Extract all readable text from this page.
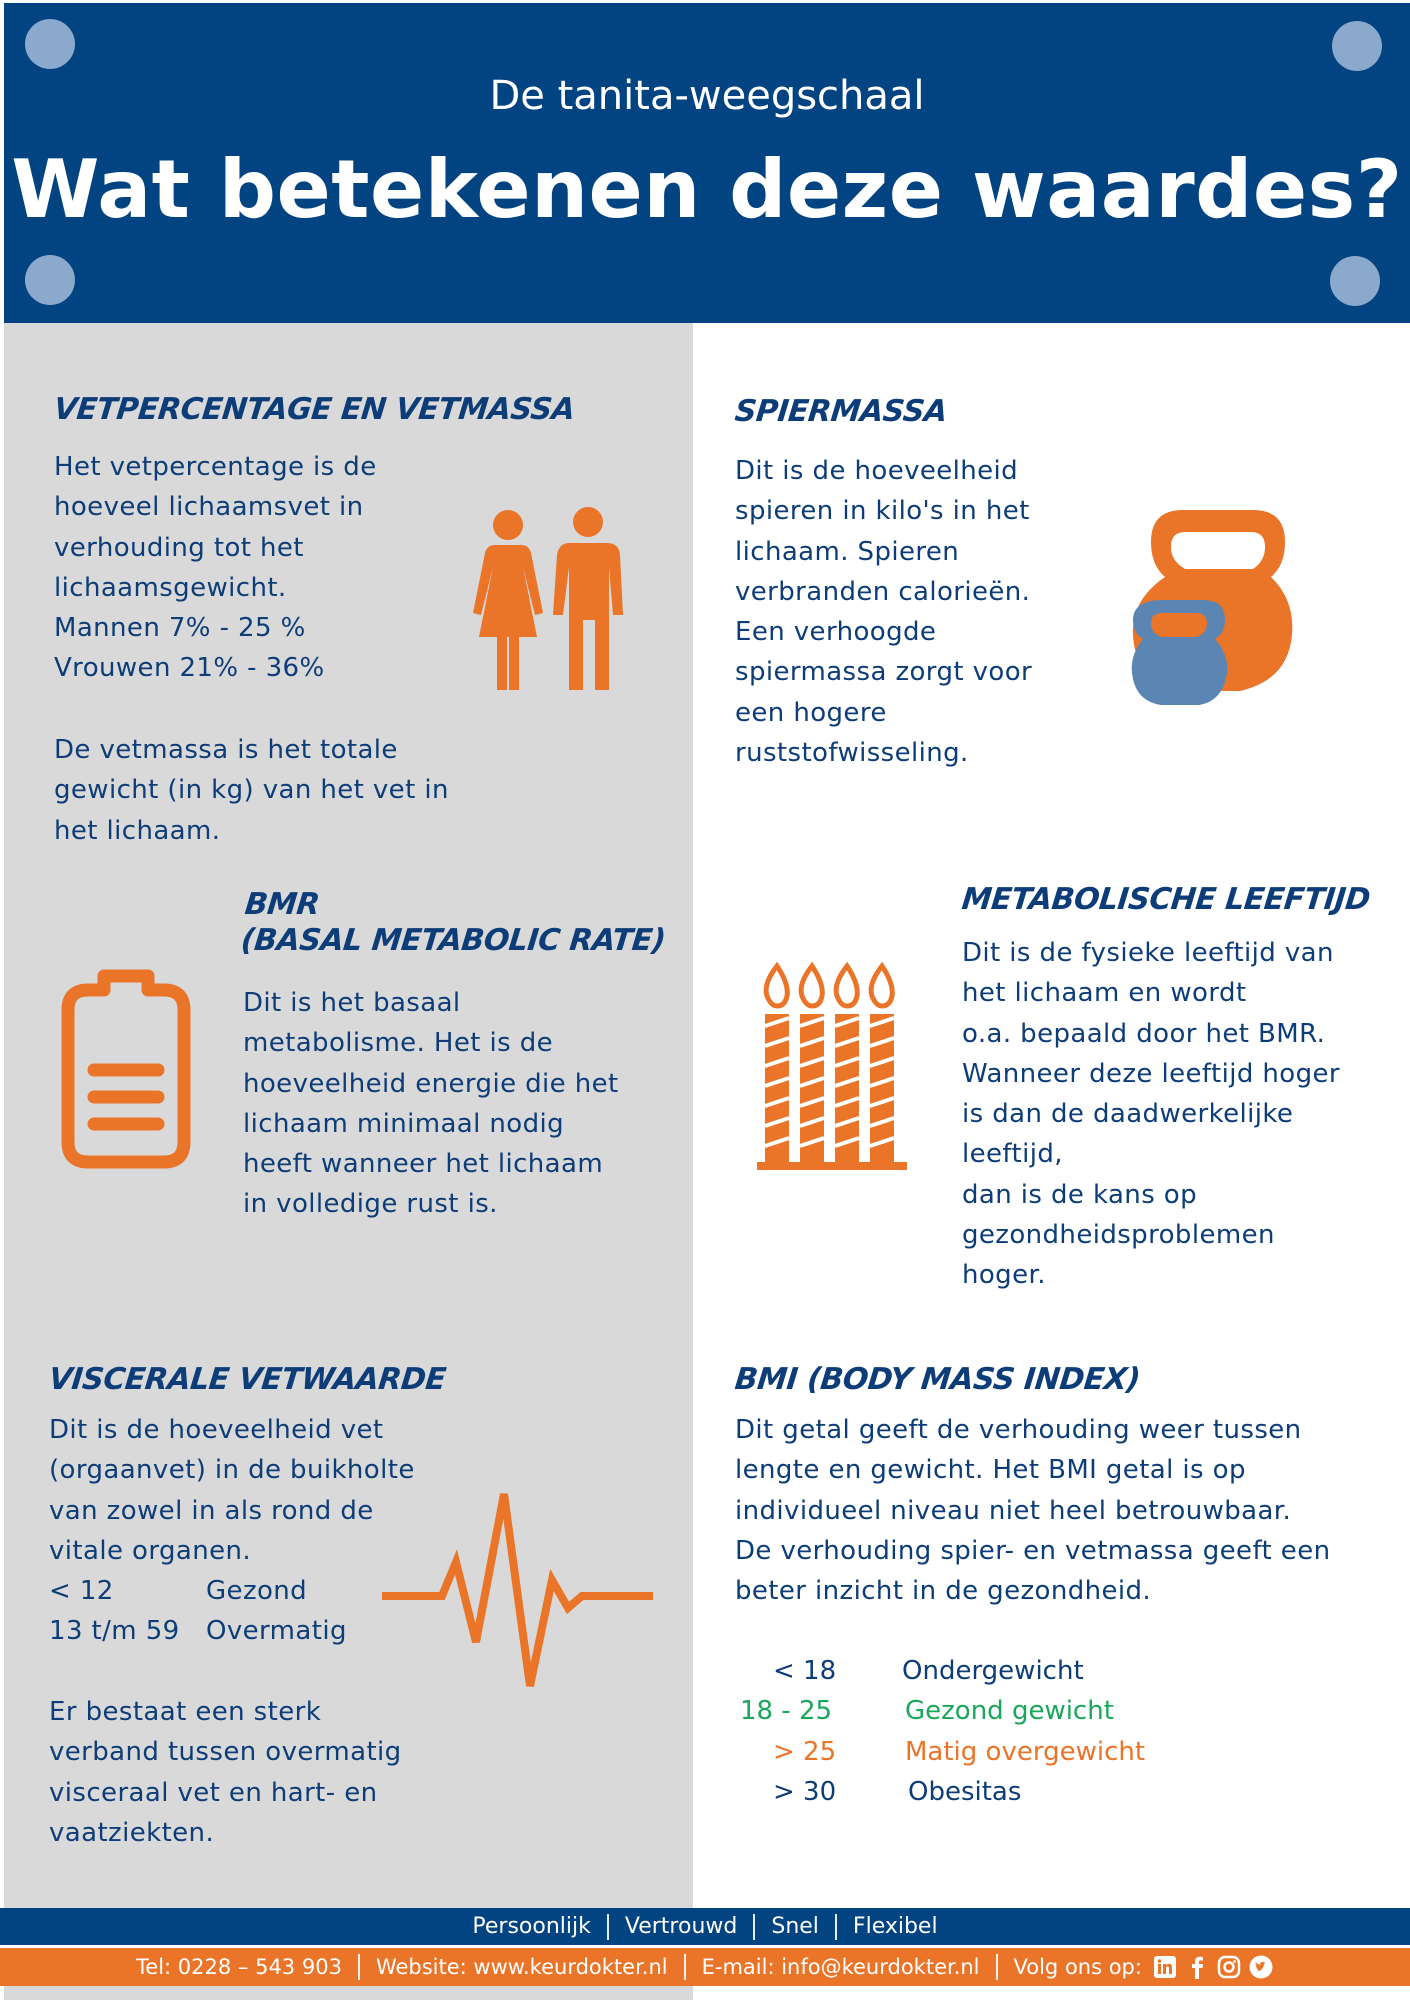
De tanita-weegschaal
Wat betekenen deze waardes?
VETPERCENTAGE EN VETMASSA
Het vetpercentage is de
hoeveel lichaamsvet in
verhouding tot het
lichaamsgewicht.
Mannen 7% - 25 %
Vrouwen 21% - 36%
De vetmassa is het totale
gewicht (in kg) van het vet in
het lichaam.
SPIERMASSA
Dit is de hoeveelheid
spieren in kilo's in het
lichaam. Spieren
verbranden calorieën.
Een verhoogde
spiermassa zorgt voor
een hogere
ruststofwisseling.
BMR
(BASAL METABOLIC RATE)
Dit is het basaal
metabolisme. Het is de
hoeveelheid energie die het
lichaam minimaal nodig
heeft wanneer het lichaam
in volledige rust is.
METABOLISCHE LEEFTIJD
Dit is de fysieke leeftijd van
het lichaam en wordt
o.a. bepaald door het BMR.
Wanneer deze leeftijd hoger
is dan de daadwerkelijke
leeftijd,
dan is de kans op
gezondheidsproblemen
hoger.
VISCERALE VETWAARDE
Dit is de hoeveelheid vet
(orgaanvet) in de buikholte
van zowel in als rond de
vitale organen.
< 12	Gezond
13 t/m 59 Overmatig
Er bestaat een sterk
verband tussen overmatig
visceraal vet en hart- en
vaatziekten.
BMI (BODY MASS INDEX)
Dit getal geeft de verhouding weer tussen
lengte en gewicht. Het BMI getal is op
individueel niveau niet heel betrouwbaar.
De verhouding spier- en vetmassa geeft een
beter inzicht in de gezondheid.
< 18	Ondergewicht
18 - 25	Gezond gewicht
> 25	Matig overgewicht
> 30	Obesitas
Persoonlijk Vertrouwd Snel Flexibel
Tel: 0228 – 543 903 Website: www.keurdokter.nl E-mail: info@keurdokter.nl Volg ons op:
